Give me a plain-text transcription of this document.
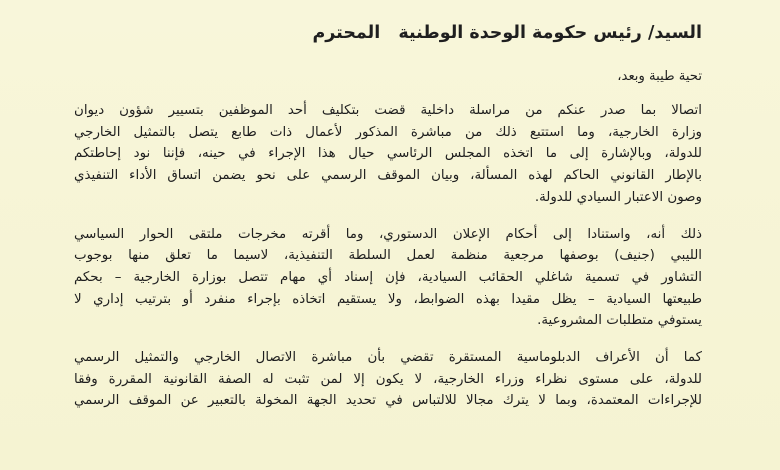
السيد/ رئيس حكومة الوحدة الوطنية المحترم
تحية طيبة وبعد،
اتصالا بما صدر عنكم من مراسلة داخلية قضت بتكليف أحد الموظفين بتسيير شؤون ديوان
وزارة الخارجية، وما استتبع ذلك من مباشرة المذكور لأعمال ذات طابع يتصل بالتمثيل الخارجي
للدولة، وبالإشارة إلى ما اتخذه المجلس الرئاسي حيال هذا الإجراء في حينه، فإننا نود إحاطتكم
بالإطار القانوني الحاكم لهذه المسألة، وبيان الموقف الرسمي على نحو يضمن اتساق الأداء التنفيذي
وصون الاعتبار السيادي للدولة.
ذلك أنه، واستنادا إلى أحكام الإعلان الدستوري، وما أقرته مخرجات ملتقى الحوار السياسي
الليبي (جنيف) بوصفها مرجعية منظمة لعمل السلطة التنفيذية، لاسيما ما تعلق منها بوجوب
التشاور في تسمية شاغلي الحقائب السيادية، فإن إسناد أي مهام تتصل بوزارة الخارجية – بحكم
طبيعتها السيادية – يظل مقيدا بهذه الضوابط، ولا يستقيم اتخاذه بإجراء منفرد أو بترتيب إداري لا
يستوفي متطلبات المشروعية.
كما أن الأعراف الدبلوماسية المستقرة تقضي بأن مباشرة الاتصال الخارجي والتمثيل الرسمي
للدولة، على مستوى نظراء وزراء الخارجية، لا يكون إلا لمن تثبت له الصفة القانونية المقررة وفقا
للإجراءات المعتمدة، وبما لا يترك مجالا للالتباس في تحديد الجهة المخولة بالتعبير عن الموقف الرسمي
